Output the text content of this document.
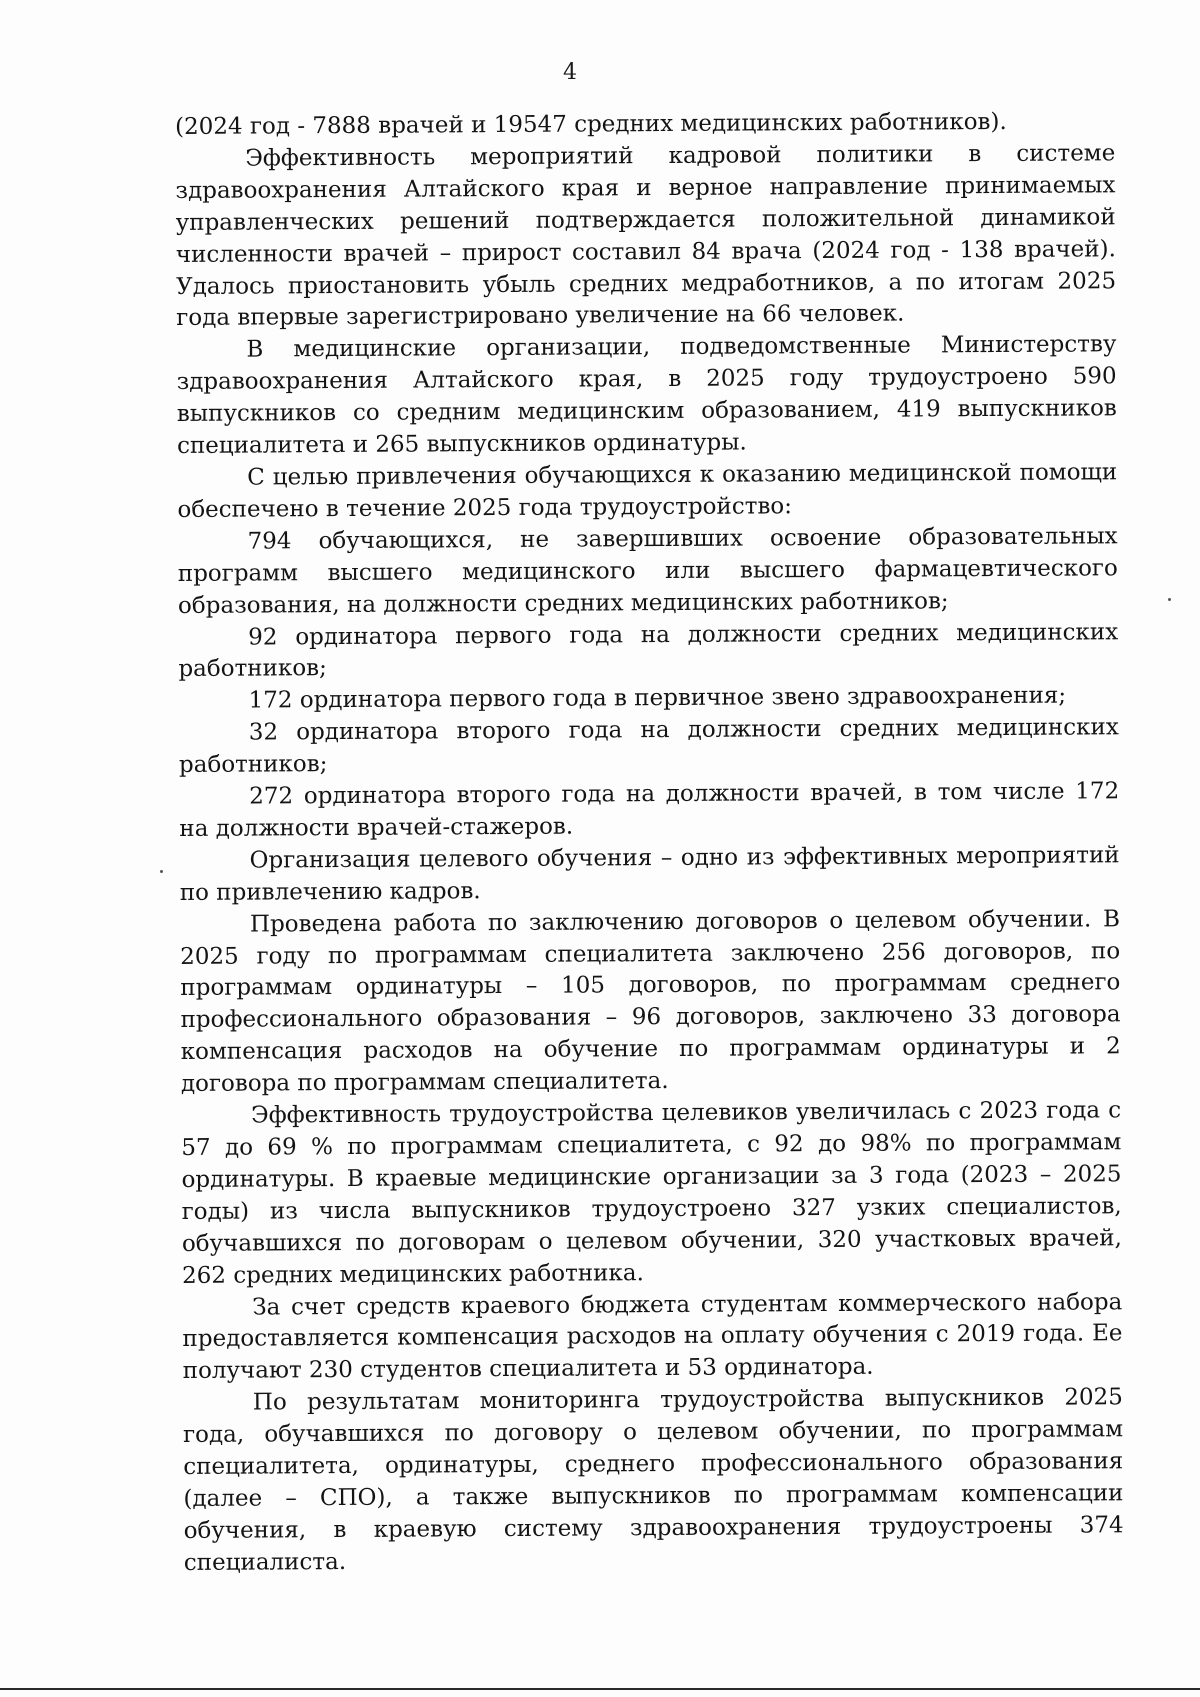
4

(2024 год - 7888 врачей и 19547 средних медицинских работников).

Эффективность мероприятий кадровой политики в системе здравоохранения Алтайского края и верное направление принимаемых управленческих решений подтверждается положительной динамикой численности врачей – прирост составил 84 врача (2024 год - 138 врачей). Удалось приостановить убыль средних медработников, а по итогам 2025 года впервые зарегистрировано увеличение на 66 человек.

В медицинские организации, подведомственные Министерству здравоохранения Алтайского края, в 2025 году трудоустроено 590 выпускников со средним медицинским образованием, 419 выпускников специалитета и 265 выпускников ординатуры.

С целью привлечения обучающихся к оказанию медицинской помощи обеспечено в течение 2025 года трудоустройство:

794 обучающихся, не завершивших освоение образовательных программ высшего медицинского или высшего фармацевтического образования, на должности средних медицинских работников;

92 ординатора первого года на должности средних медицинских работников;

172 ординатора первого года в первичное звено здравоохранения;

32 ординатора второго года на должности средних медицинских работников;

272 ординатора второго года на должности врачей, в том числе 172 на должности врачей-стажеров.

Организация целевого обучения – одно из эффективных мероприятий по привлечению кадров.

Проведена работа по заключению договоров о целевом обучении. В 2025 году по программам специалитета заключено 256 договоров, по программам ординатуры – 105 договоров, по программам среднего профессионального образования – 96 договоров, заключено 33 договора компенсация расходов на обучение по программам ординатуры и 2 договора по программам специалитета.

Эффективность трудоустройства целевиков увеличилась с 2023 года с 57 до 69 % по программам специалитета, с 92 до 98% по программам ординатуры. В краевые медицинские организации за 3 года (2023 – 2025 годы) из числа выпускников трудоустроено 327 узких специалистов, обучавшихся по договорам о целевом обучении, 320 участковых врачей, 262 средних медицинских работника.

За счет средств краевого бюджета студентам коммерческого набора предоставляется компенсация расходов на оплату обучения с 2019 года. Ее получают 230 студентов специалитета и 53 ординатора.

По результатам мониторинга трудоустройства выпускников 2025 года, обучавшихся по договору о целевом обучении, по программам специалитета, ординатуры, среднего профессионального образования (далее – СПО), а также выпускников по программам компенсации обучения, в краевую систему здравоохранения трудоустроены 374 специалиста.
